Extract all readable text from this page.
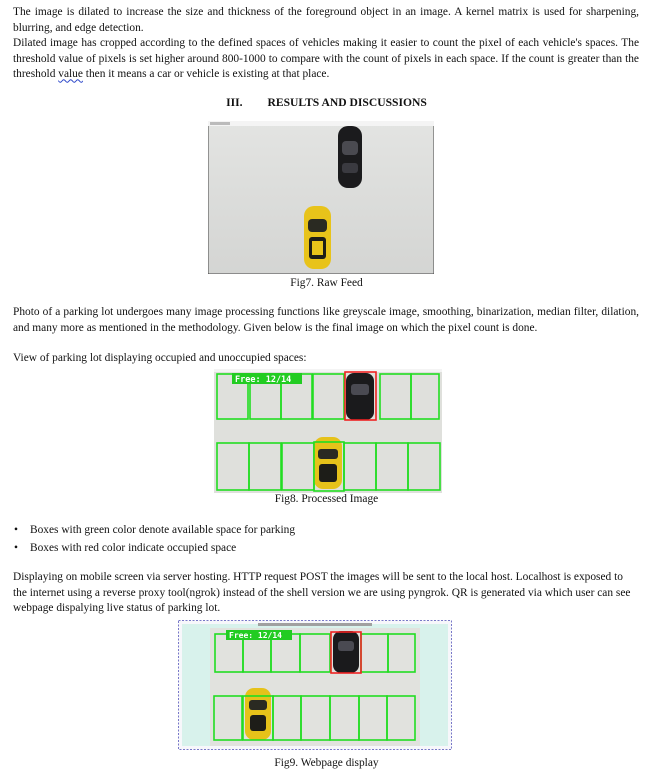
The image is dilated to increase the size and thickness of the foreground object in an image. A kernel matrix is used for sharpening, blurring, and edge detection.
Dilated image has cropped according to the defined spaces of vehicles making it easier to count the pixel of each vehicle's spaces. The threshold value of pixels is set higher around 800-1000 to compare with the count of pixels in each space. If the count is greater than the threshold value then it means a car or vehicle is existing at that place.

III. RESULTS AND DISCUSSIONS
Fig7. Raw Feed

Photo of a parking lot undergoes many image processing functions like greyscale image, smoothing, binarization, median filter, dilation, and many more as mentioned in the methodology. Given below is the final image on which the pixel count is done.

View of parking lot displaying occupied and unoccupied spaces:

Free: 12/14
Fig8. Processed Image
• Boxes with green color denote available space for parking
• Boxes with red color indicate occupied space

Displaying on mobile screen via server hosting. HTTP request POST the images will be sent to the local host. Localhost is exposed to the internet using a reverse proxy tool(ngrok) instead of the shell version we are using pyngrok. QR is generated via which user can see webpage dispalying live status of parking lot.

Free: 12/14
Fig9. Webpage display
